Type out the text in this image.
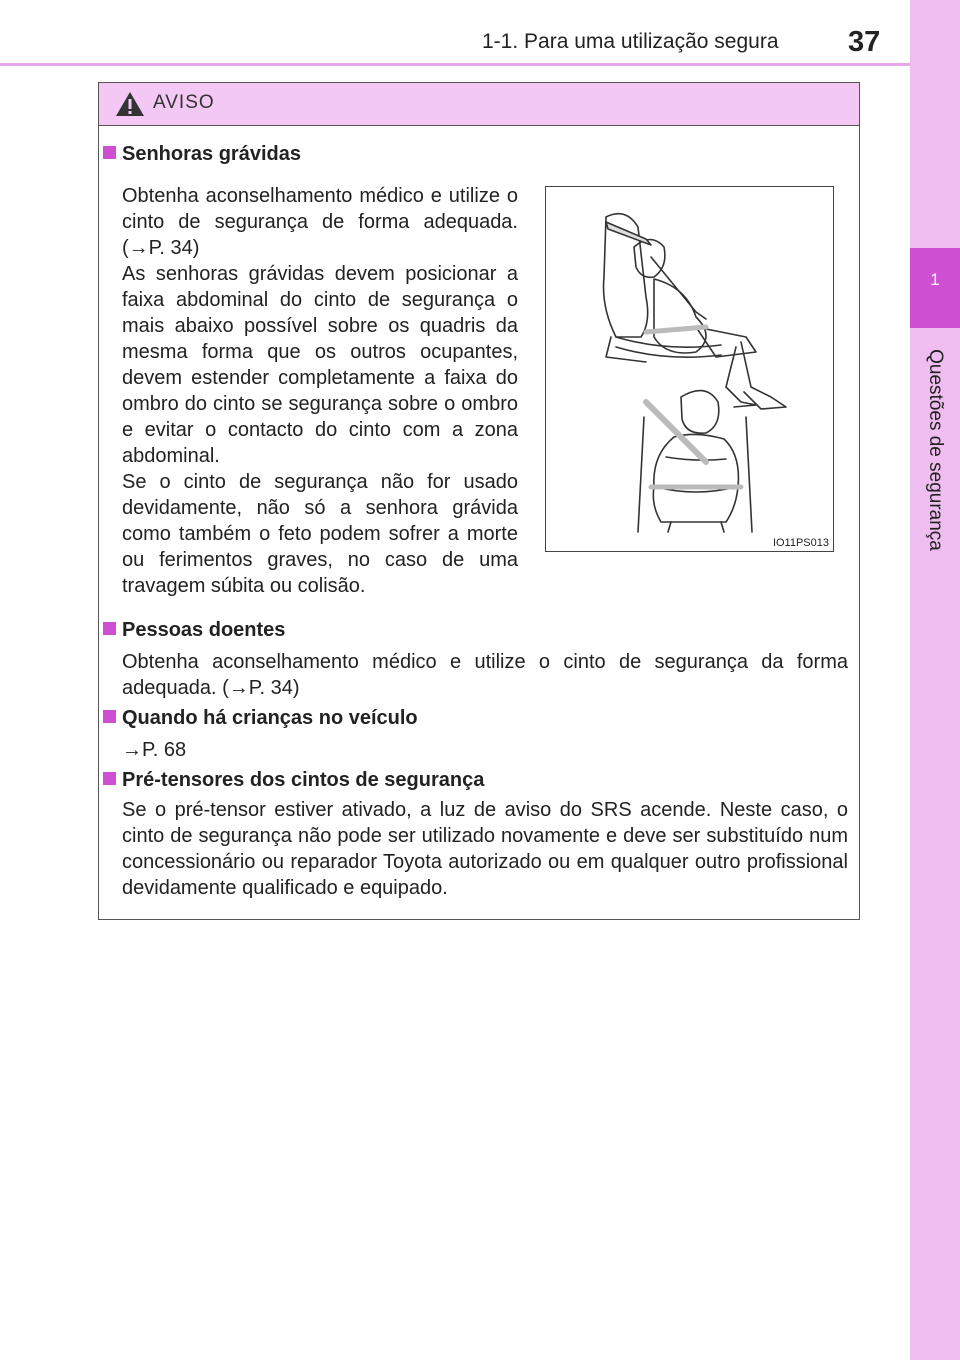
1-1. Para uma utilização segura 37
1
Questões de segurança
AVISO
Senhoras grávidas
Obtenha aconselhamento médico e utilize o cinto de segurança de forma adequada. (→P. 34)
As senhoras grávidas devem posicionar a faixa abdominal do cinto de segurança o mais abaixo possível sobre os quadris da mesma forma que os outros ocupantes, devem estender completamente a faixa do ombro do cinto se segurança sobre o ombro e evitar o contacto do cinto com a zona abdominal.
Se o cinto de segurança não for usado devidamente, não só a senhora grávida como também o feto podem sofrer a morte ou ferimentos graves, no caso de uma travagem súbita ou colisão.
IO11PS013
Pessoas doentes
Obtenha aconselhamento médico e utilize o cinto de segurança da forma adequada. (→P. 34)
Quando há crianças no veículo
→P. 68
Pré-tensores dos cintos de segurança
Se o pré-tensor estiver ativado, a luz de aviso do SRS acende. Neste caso, o cinto de segurança não pode ser utilizado novamente e deve ser substituído num concessionário ou reparador Toyota autorizado ou em qualquer outro profissional devidamente qualificado e equipado.
